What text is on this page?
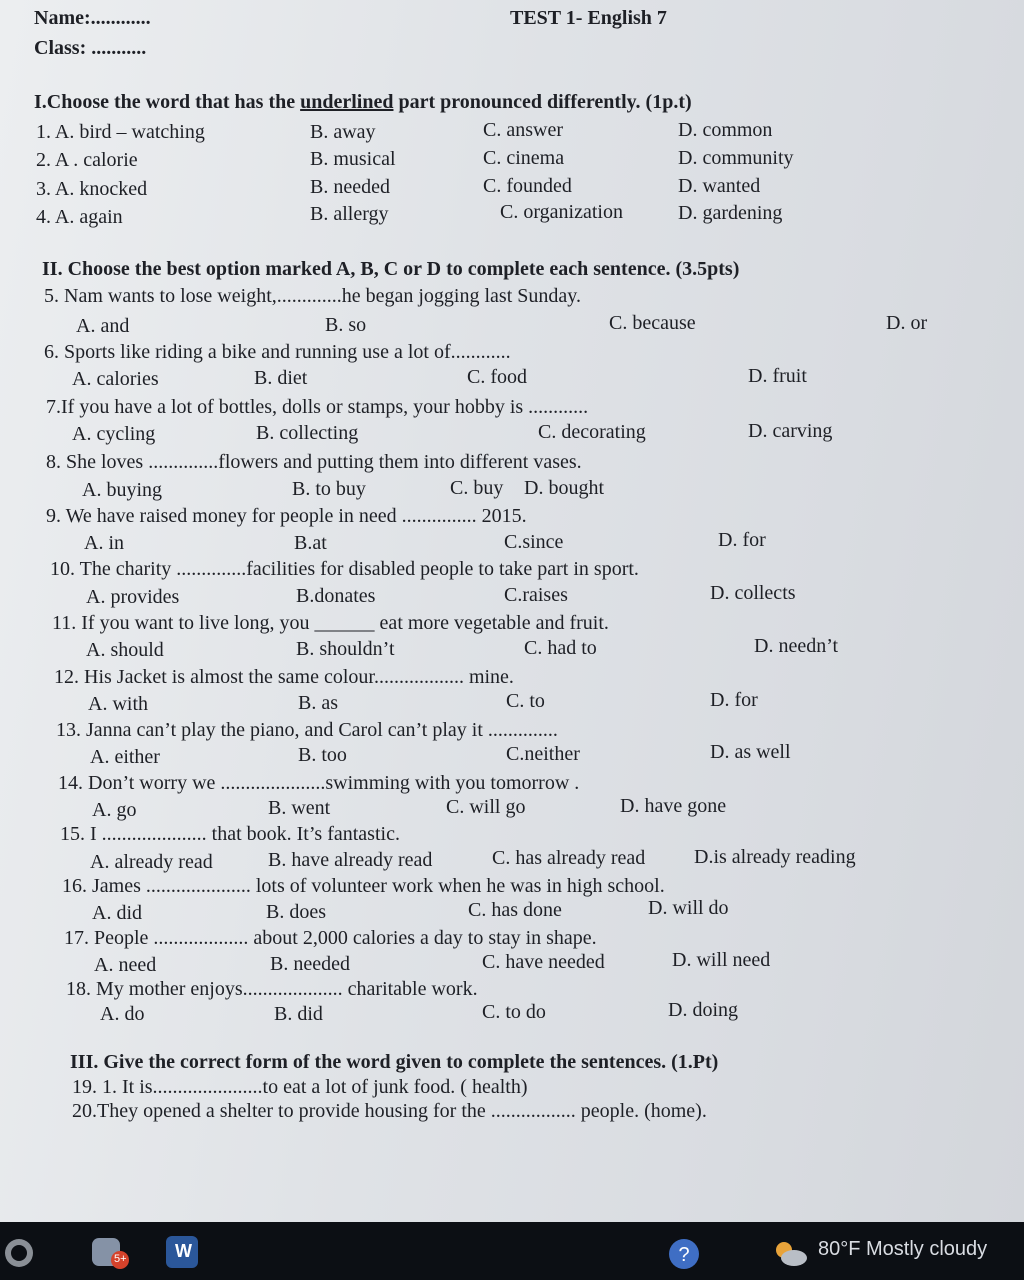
Name:............
Class: ...........
TEST 1- English 7
I.Choose the word that has the underlined part pronounced differently. (1p.t)
1. A. bird – watching	B. away	C. answer	D. common
2. A . calorie	B. musical	C. cinema	D. community
3. A. knocked	B. needed	C. founded	D. wanted
4. A. again	B. allergy	C. organization	D. gardening
II. Choose the best option marked A, B, C or D to complete each sentence. (3.5pts)
5. Nam wants to lose weight,.............he began jogging last Sunday.
A. and	B. so	C. because	D. or
6. Sports like riding a bike and running use a lot of............
A. calories	B. diet	C. food	D. fruit
7.If you have a lot of bottles, dolls or stamps, your hobby is ............
A. cycling	B. collecting	C. decorating	D. carving
8. She loves ..............flowers and putting them into different vases.
A. buying	B. to buy	C. buy D. bought
9. We have raised money for people in need ............... 2015.
A. in	B.at	C.since	D. for
10. The charity ..............facilities for disabled people to take part in sport.
A. provides	B.donates	C.raises	D. collects
11. If you want to live long, you ______ eat more vegetable and fruit.
A. should	B. shouldn’t	C. had to	D. needn’t
12. His Jacket is almost the same colour.................. mine.
A. with	B. as	C. to	D. for
13. Janna can’t play the piano, and Carol can’t play it ..............
A. either	B. too	C.neither	D. as well
14. Don’t worry we .....................swimming with you tomorrow .
A. go	B. went	C. will go	D. have gone
15. I ..................... that book. It’s fantastic.
A. already read	B. have already read	C. has already read D.is already reading
16. James ..................... lots of volunteer work when he was in high school.
A. did	B. does	C. has done	D. will do
17. People ................... about 2,000 calories a day to stay in shape.
A. need	B. needed	C. have needed	D. will need
18. My mother enjoys.................... charitable work.
A. do	B. did	C. to do	D. doing
III. Give the correct form of the word given to complete the sentences. (1.Pt)
19. 1. It is......................to eat a lot of junk food. ( health)
20.They opened a shelter to provide housing for the ................. people. (home).
5+	W	?	80°F Mostly cloudy
